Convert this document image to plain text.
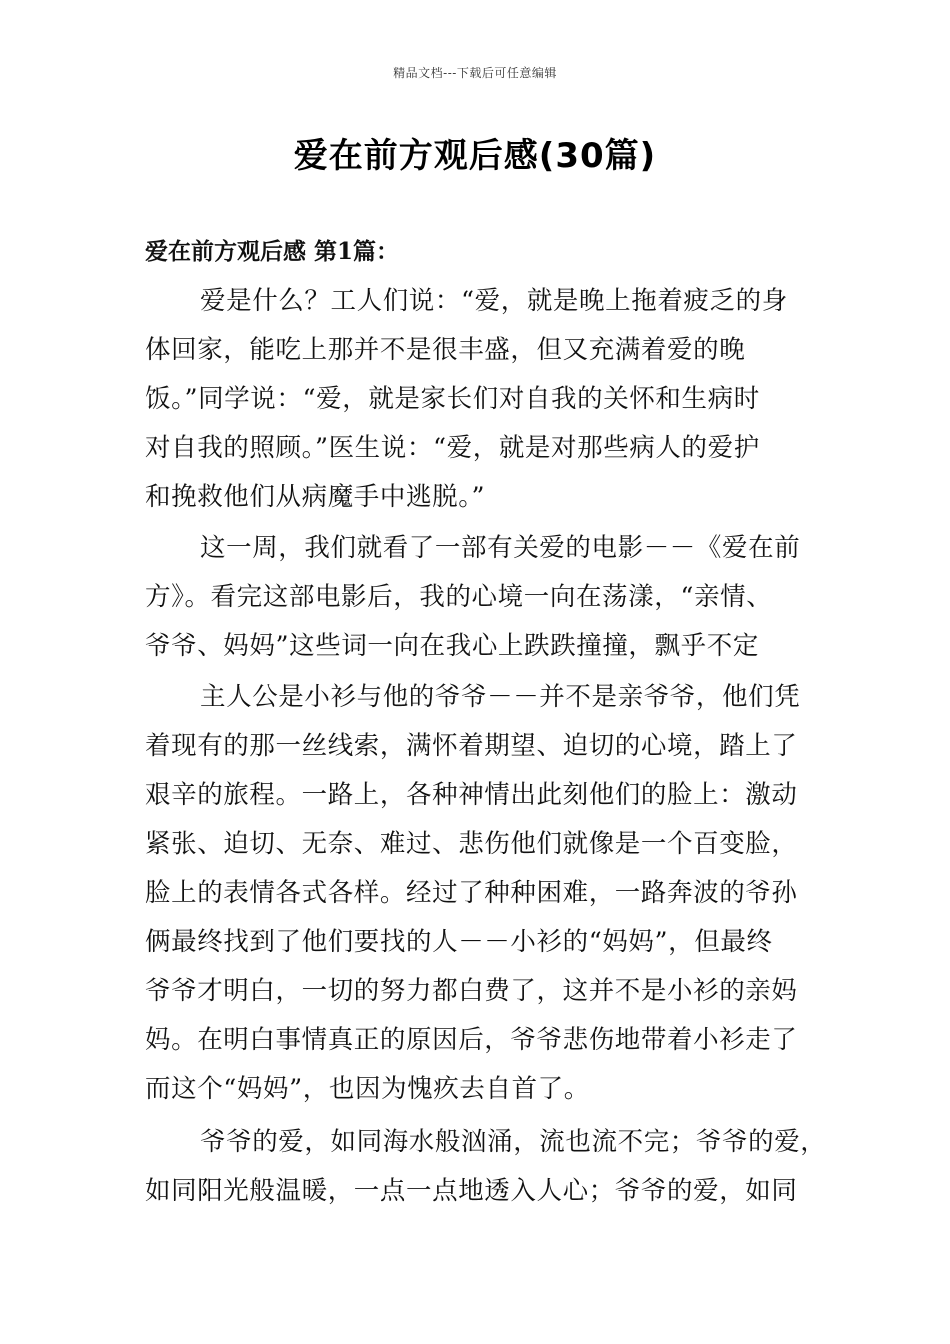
精品文档---下载后可任意编辑
爱在前方观后感(30篇)
爱在前方观后感 第1篇：
爱是什么？工人们说：“爱，就是晚上拖着疲乏的身
体回家，能吃上那并不是很丰盛，但又充满着爱的晚
饭。”同学说：“爱，就是家长们对自我的关怀和生病时
对自我的照顾。”医生说：“爱，就是对那些病人的爱护
和挽救他们从病魔手中逃脱。”
这一周，我们就看了一部有关爱的电影－－《爱在前
方》。看完这部电影后，我的心境一向在荡漾，“亲情、
爷爷、妈妈”这些词一向在我心上跌跌撞撞，飘乎不定
主人公是小衫与他的爷爷－－并不是亲爷爷，他们凭
着现有的那一丝线索，满怀着期望、迫切的心境，踏上了
艰辛的旅程。一路上，各种神情出此刻他们的脸上：激动
紧张、迫切、无奈、难过、悲伤他们就像是一个百变脸，
脸上的表情各式各样。经过了种种困难，一路奔波的爷孙
俩最终找到了他们要找的人－－小衫的“妈妈”，但最终
爷爷才明白，一切的努力都白费了，这并不是小衫的亲妈
妈。在明白事情真正的原因后，爷爷悲伤地带着小衫走了
而这个“妈妈”，也因为愧疚去自首了。
爷爷的爱，如同海水般汹涌，流也流不完；爷爷的爱，
如同阳光般温暖，一点一点地透入人心；爷爷的爱，如同
